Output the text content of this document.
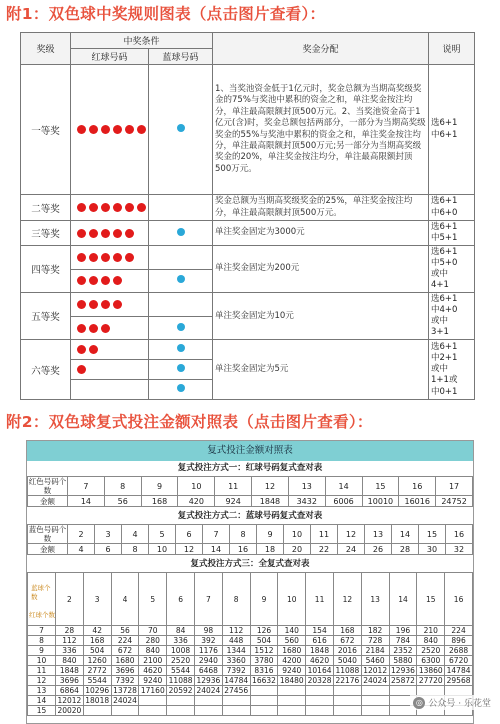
附1：双色球中奖规则图表（点击图片查看）：
奖级	中奖条件		奖金分配	说明
	红球号码	蓝球号码		
一等奖			1、当奖池资金低于1亿元时，奖金总额为当期高奖级奖金的75%与奖池中累积的资金之和，单注奖金按注均分，单注最高限额封顶500万元。2、当奖池资金高于1亿元(含)时，奖金总额包括两部分，一部分为当期高奖级奖金的55%与奖池中累积的资金之和，单注奖金按注均分，单注最高限额封顶500万元;另一部分为当期高奖级奖金的20%，单注奖金按注均分，单注最高限额封顶500万元。	选6+1
中6+1
二等奖			奖金总额为当期高奖级奖金的25%，单注奖金按注均分，单注最高限额封顶500万元。	选6+1
中6+0
三等奖			单注奖金固定为3000元	选6+1
中5+1
四等奖			单注奖金固定为200元	选6+1
中5+0
或中
4+1

五等奖			单注奖金固定为10元	选6+1
中4+0
或中
3+1

六等奖			单注奖金固定为5元	选6+1
中2+1
或中
1+1或
中0+1

附2：双色球复式投注金额对照表（点击图片查看）：
复式投注金额对照表
复式投注方式一：红球号码复式查对表
红色号码个数	7	8	9	10	11	12	13	14	15	16	17
金额	14	56	168	420	924	1848	3432	6006	10010	16016	24752
复式投注方式二：蓝球号码复式查对表
蓝色号码个数	2	3	4	5	6	7	8	9	10	11	12	13	14	15	16
金额	4	6	8	10	12	14	16	18	20	22	24	26	28	30	32
复式投注方式三：全复式查对表
蓝球个数
红球个数	2	3	4	5	6	7	8	9	10	11	12	13	14	15	16
7	28	42	56	70	84	98	112	126	140	154	168	182	196	210	224
8	112	168	224	280	336	392	448	504	560	616	672	728	784	840	896
9	336	504	672	840	1008	1176	1344	1512	1680	1848	2016	2184	2352	2520	2688
10	840	1260	1680	2100	2520	2940	3360	3780	4200	4620	5040	5460	5880	6300	6720
11	1848	2772	3696	4620	5544	6468	7392	8316	9240	10164	11088	12012	12936	13860	14784
12	3696	5544	7392	9240	11088	12936	14784	16632	18480	20328	22176	24024	25872	27720	29568
13	6864	10296	13728	17160	20592	24024	27456								
14	12012	18018	24024												
15	20020														
◎ 公众号 · 乐花堂
